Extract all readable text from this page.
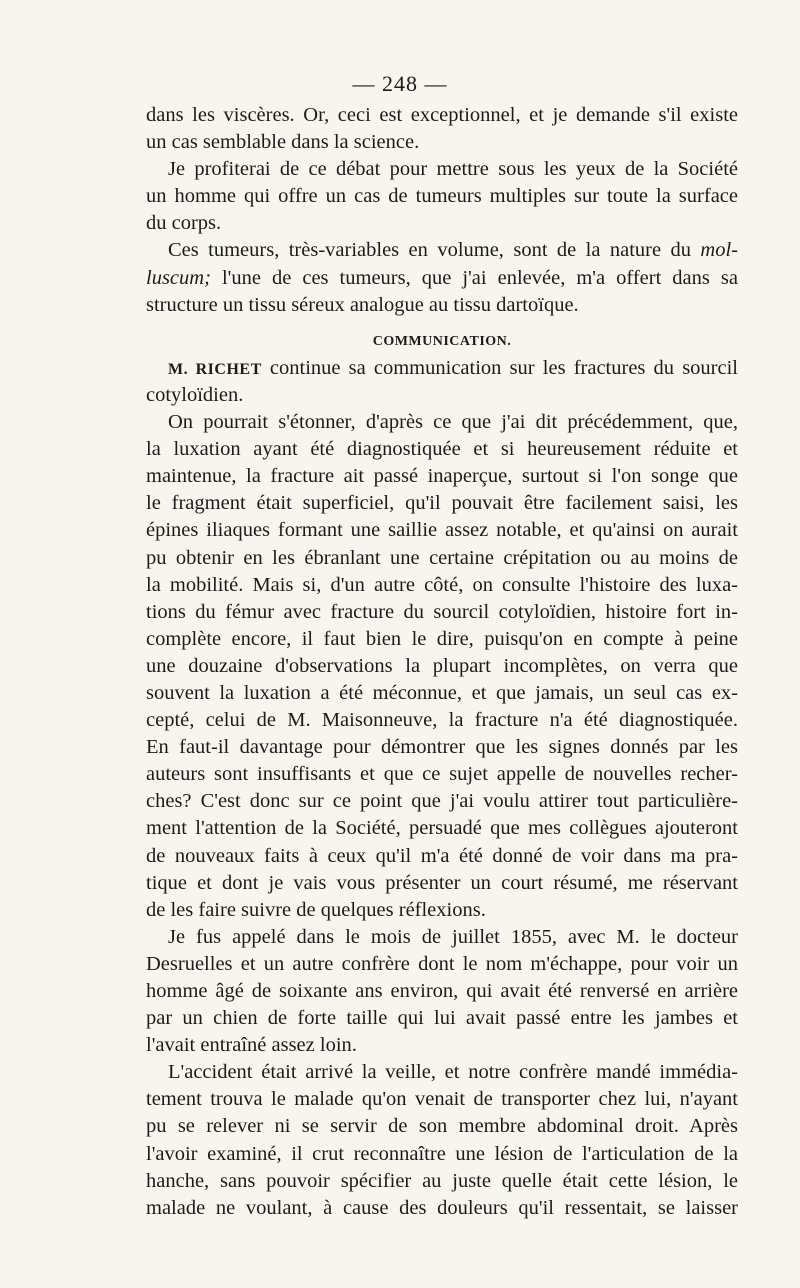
— 248 —
dans les viscères. Or, ceci est exceptionnel, et je demande s'il existe
un cas semblable dans la science.
Je profiterai de ce débat pour mettre sous les yeux de la Société
un homme qui offre un cas de tumeurs multiples sur toute la surface
du corps.
Ces tumeurs, très-variables en volume, sont de la nature du mol-
luscum; l'une de ces tumeurs, que j'ai enlevée, m'a offert dans sa
structure un tissu séreux analogue au tissu dartoïque.
COMMUNICATION.
M. RICHET continue sa communication sur les fractures du sourcil
cotyloïdien.
On pourrait s'étonner, d'après ce que j'ai dit précédemment, que,
la luxation ayant été diagnostiquée et si heureusement réduite et
maintenue, la fracture ait passé inaperçue, surtout si l'on songe que
le fragment était superficiel, qu'il pouvait être facilement saisi, les
épines iliaques formant une saillie assez notable, et qu'ainsi on aurait
pu obtenir en les ébranlant une certaine crépitation ou au moins de
la mobilité. Mais si, d'un autre côté, on consulte l'histoire des luxa-
tions du fémur avec fracture du sourcil cotyloïdien, histoire fort in-
complète encore, il faut bien le dire, puisqu'on en compte à peine
une douzaine d'observations la plupart incomplètes, on verra que
souvent la luxation a été méconnue, et que jamais, un seul cas ex-
cepté, celui de M. Maisonneuve, la fracture n'a été diagnostiquée.
En faut-il davantage pour démontrer que les signes donnés par les
auteurs sont insuffisants et que ce sujet appelle de nouvelles recher-
ches? C'est donc sur ce point que j'ai voulu attirer tout particulière-
ment l'attention de la Société, persuadé que mes collègues ajouteront
de nouveaux faits à ceux qu'il m'a été donné de voir dans ma pra-
tique et dont je vais vous présenter un court résumé, me réservant
de les faire suivre de quelques réflexions.
Je fus appelé dans le mois de juillet 1855, avec M. le docteur
Desruelles et un autre confrère dont le nom m'échappe, pour voir un
homme âgé de soixante ans environ, qui avait été renversé en arrière
par un chien de forte taille qui lui avait passé entre les jambes et
l'avait entraîné assez loin.
L'accident était arrivé la veille, et notre confrère mandé immédia-
tement trouva le malade qu'on venait de transporter chez lui, n'ayant
pu se relever ni se servir de son membre abdominal droit. Après
l'avoir examiné, il crut reconnaître une lésion de l'articulation de la
hanche, sans pouvoir spécifier au juste quelle était cette lésion, le
malade ne voulant, à cause des douleurs qu'il ressentait, se laisser
